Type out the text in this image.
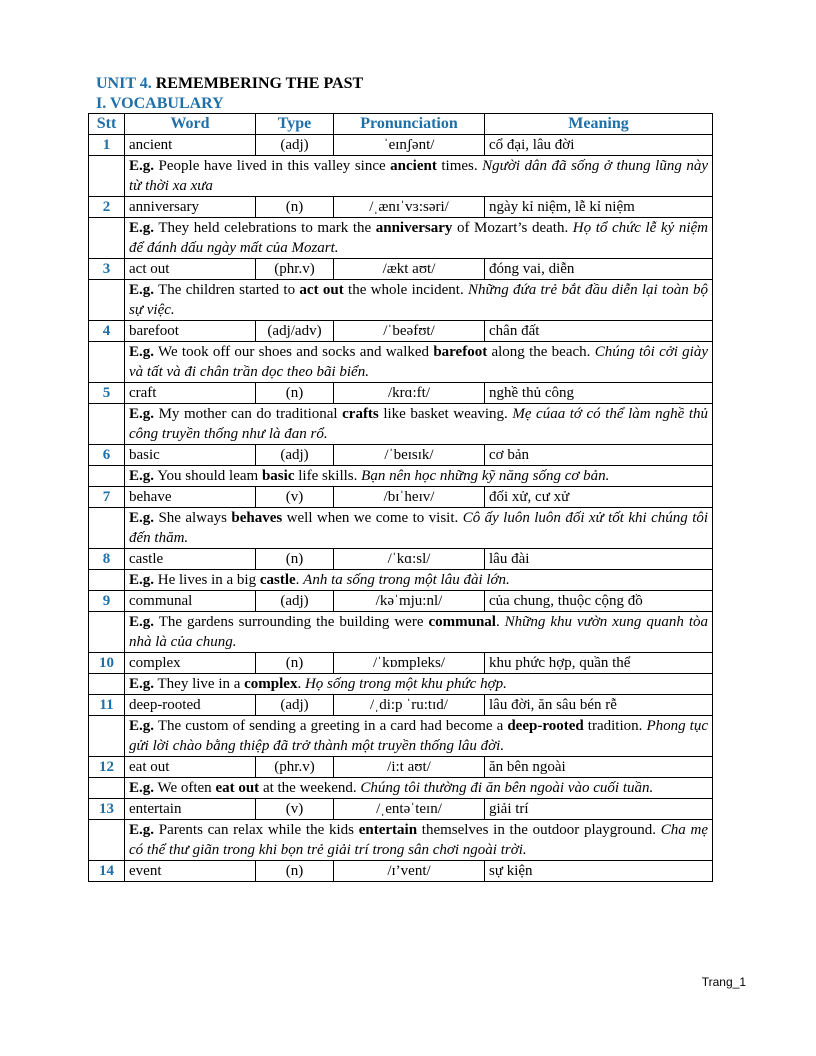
UNIT 4. REMEMBERING THE PAST
I. VOCABULARY
Stt	Word	Type	Pronunciation	Meaning
1	ancient	(adj)	ˈeɪnʃənt/	cổ đại, lâu đời
	E.g. People have lived in this valley since ancient times. Người dân đã sống ở thung lũng này từ thời xa xưa			
2	anniversary	(n)	/ˌænɪˈvɜ:səri/	ngày kỉ niệm, lễ kỉ niệm
	E.g. They held celebrations to mark the anniversary of Mozart’s death. Họ tổ chức lễ kỷ niệm để đánh dấu ngày mất của Mozart.			
3	act out	(phr.v)	/ækt aʊt/	đóng vai, diễn
	E.g. The children started to act out the whole incident. Những đứa trẻ bắt đầu diễn lại toàn bộ sự việc.			
4	barefoot	(adj/adv)	/ˈbeəfʊt/	chân đất
	E.g. We took off our shoes and socks and walked barefoot along the beach. Chúng tôi cởi giày và tất và đi chân trần dọc theo bãi biển.			
5	craft	(n)	/krɑ:ft/	nghề thủ công
	E.g. My mother can do traditional crafts like basket weaving. Mẹ cúaa tớ có thể làm nghề thủ công truyền thống như là đan rổ.			
6	basic	(adj)	/ˈbeɪsɪk/	cơ bản
	E.g. You should leam basic life skills. Bạn nên học những kỹ năng sống cơ bản.			
7	behave	(v)	/bɪˈheɪv/	đối xử, cư xử
	E.g. She always behaves well when we come to visit. Cô ấy luôn luôn đối xử tốt khi chúng tôi đến thăm.			
8	castle	(n)	/ˈkɑ:sl/	lâu đài
	E.g. He lives in a big castle. Anh ta sống trong một lâu đài lớn.			
9	communal	(adj)	/kəˈmju:nl/	của chung, thuộc cộng đồ
	E.g. The gardens surrounding the building were communal. Những khu vườn xung quanh tòa nhà là của chung.			
10	complex	(n)	/ˈkɒmpleks/	khu phức hợp, quần thể
	E.g. They live in a complex. Họ sống trong một khu phức hợp.			
11	deep-rooted	(adj)	/ˌdi:p ˈru:tɪd/	lâu đời, ăn sâu bén rễ
	E.g. The custom of sending a greeting in a card had become a deep-rooted tradition. Phong tục gửi lời chào bằng thiệp đã trở thành một truyền thống lâu đời.			
12	eat out	(phr.v)	/i:t aʊt/	ăn bên ngoài
	E.g. We often eat out at the weekend. Chúng tôi thường đi ăn bên ngoài vào cuối tuần.			
13	entertain	(v)	/ˌentəˈteɪn/	giải trí
	E.g. Parents can relax while the kids entertain themselves in the outdoor playground. Cha mẹ có thể thư giãn trong khi bọn trẻ giải trí trong sân chơi ngoài trời.			
14	event	(n)	/ɪ’vent/	sự kiện
Trang_1
